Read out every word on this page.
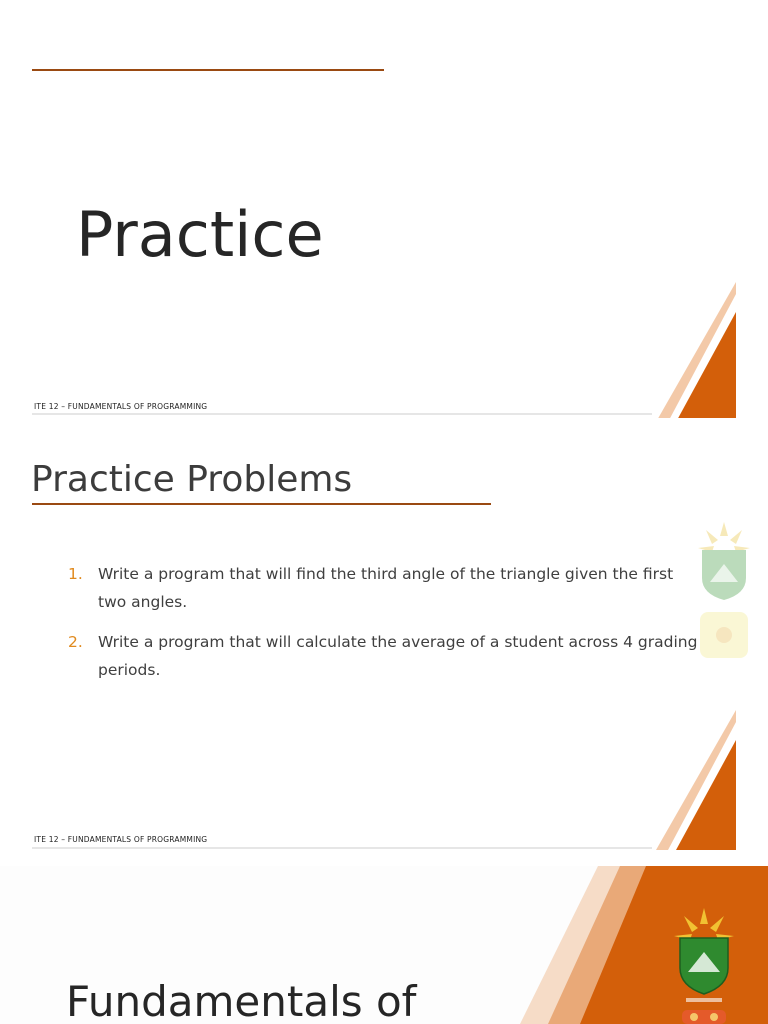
Practice
ITE 12 – FUNDAMENTALS OF PROGRAMMING
Practice Problems
1. Write a program that will find the third angle of the triangle given the first two angles.
2. Write a program that will calculate the average of a student across 4 grading periods.
ITE 12 – FUNDAMENTALS OF PROGRAMMING
Fundamentals of
